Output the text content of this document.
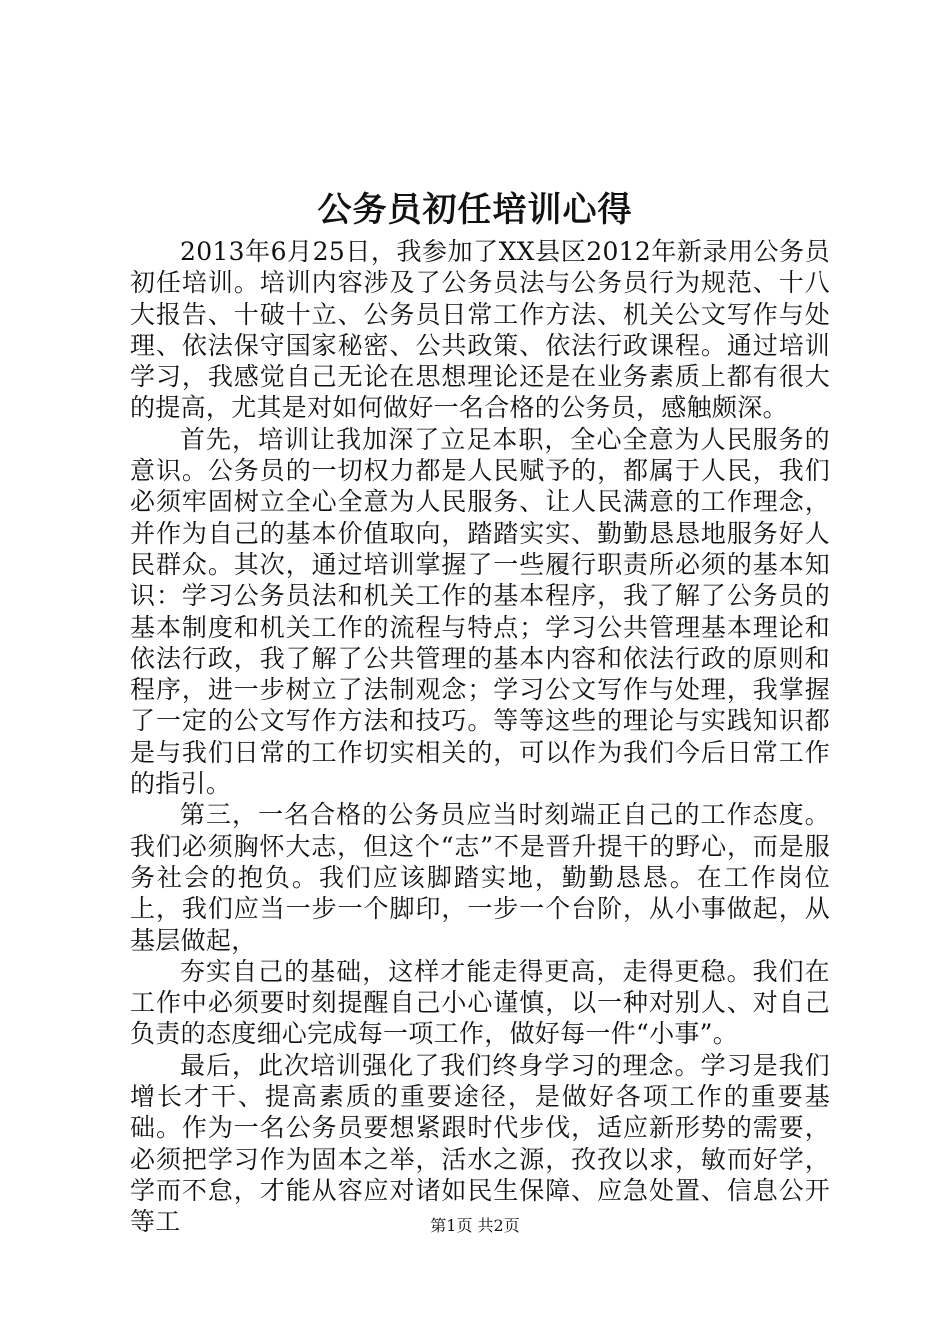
公务员初任培训心得

2013年6月25日，我参加了XX县区2012年新录用公务员初任培训。培训内容涉及了公务员法与公务员行为规范、十八大报告、十破十立、公务员日常工作方法、机关公文写作与处理、依法保守国家秘密、公共政策、依法行政课程。通过培训学习，我感觉自己无论在思想理论还是在业务素质上都有很大的提高，尤其是对如何做好一名合格的公务员，感触颇深。

首先，培训让我加深了立足本职，全心全意为人民服务的意识。公务员的一切权力都是人民赋予的，都属于人民，我们必须牢固树立全心全意为人民服务、让人民满意的工作理念，并作为自己的基本价值取向，踏踏实实、勤勤恳恳地服务好人民群众。其次，通过培训掌握了一些履行职责所必须的基本知识：学习公务员法和机关工作的基本程序，我了解了公务员的基本制度和机关工作的流程与特点；学习公共管理基本理论和依法行政，我了解了公共管理的基本内容和依法行政的原则和程序，进一步树立了法制观念；学习公文写作与处理，我掌握了一定的公文写作方法和技巧。等等这些的理论与实践知识都是与我们日常的工作切实相关的，可以作为我们今后日常工作的指引。

第三，一名合格的公务员应当时刻端正自己的工作态度。我们必须胸怀大志，但这个“志”不是晋升提干的野心，而是服务社会的抱负。我们应该脚踏实地，勤勤恳恳。在工作岗位上，我们应当一步一个脚印，一步一个台阶，从小事做起，从基层做起，

夯实自己的基础，这样才能走得更高，走得更稳。我们在工作中必须要时刻提醒自己小心谨慎，以一种对别人、对自己负责的态度细心完成每一项工作，做好每一件“小事”。

最后，此次培训强化了我们终身学习的理念。学习是我们增长才干、提高素质的重要途径，是做好各项工作的重要基础。作为一名公务员要想紧跟时代步伐，适应新形势的需要，必须把学习作为固本之举，活水之源，孜孜以求，敏而好学，学而不怠，才能从容应对诸如民生保障、应急处置、信息公开等工	第1页 共2页
